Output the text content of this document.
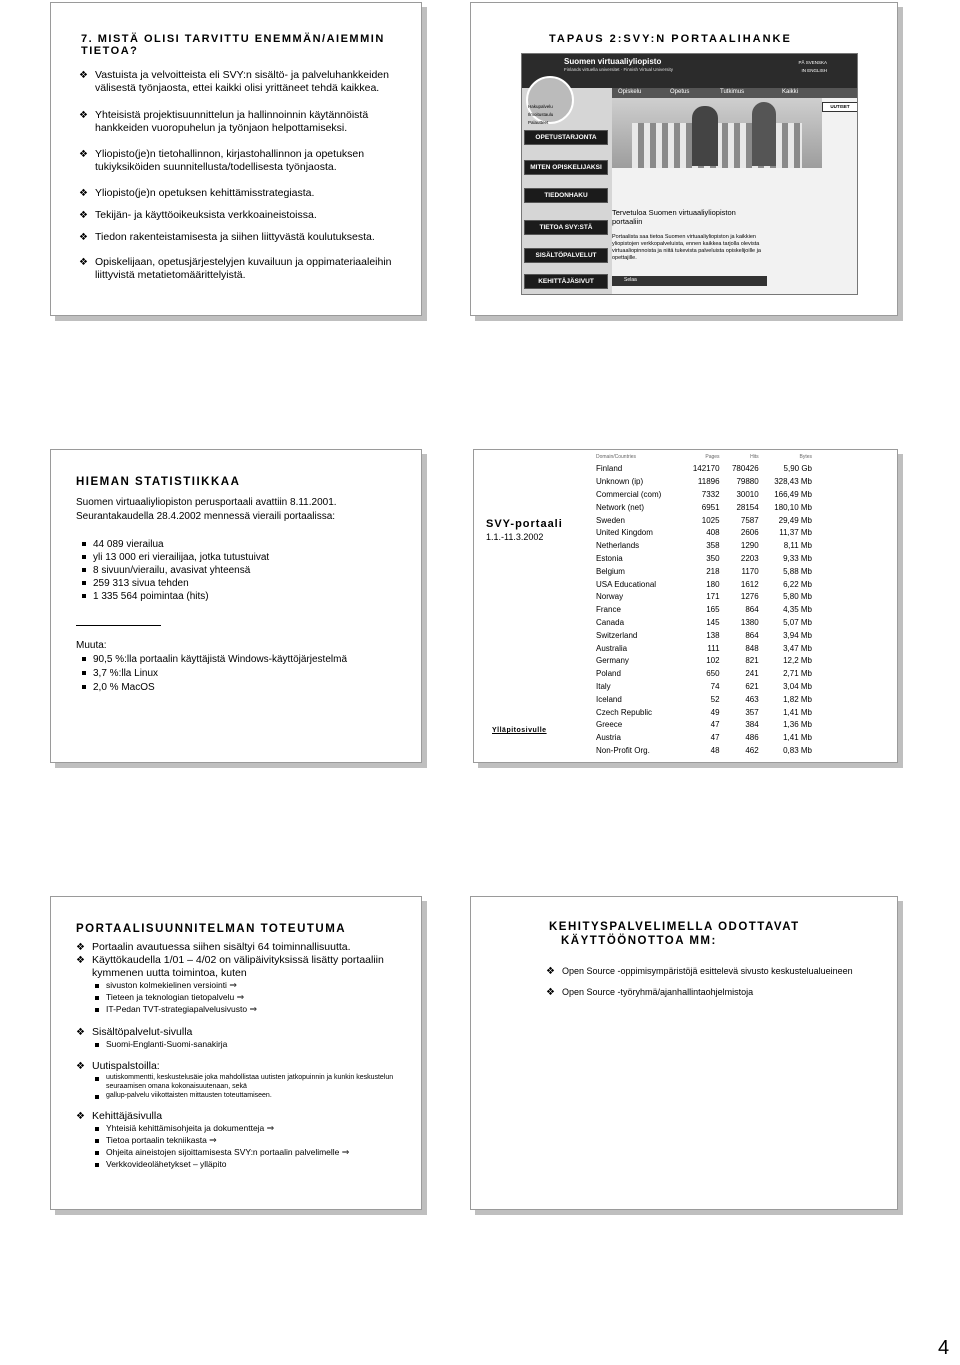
7. MISTÄ OLISI TARVITTU ENEMMÄN/AIEMMIN TIETOA?
❖ Vastuista ja velvoitteista eli SVY:n sisältö- ja palveluhankkeiden välisestä työnjaosta, ettei kaikki olisi yrittäneet tehdä kaikkea.
❖ Yhteisistä projektisuunnittelun ja hallinnoinnin käytännöistä hankkeiden vuoropuhelun ja työnjaon helpottamiseksi.
❖ Yliopisto(je)n tietohallinnon, kirjastohallinnon ja opetuksen tukiyksiköiden suunnitellusta/todellisesta työnjaosta.
❖ Yliopisto(je)n opetuksen kehittämisstrategiasta.
❖ Tekijän- ja käyttöoikeuksista verkkoaineistoissa.
❖ Tiedon rakenteistamisesta ja siihen liittyvästä koulutuksesta.
❖ Opiskelijaan, opetusjärjestelyjen kuvailuun ja oppimateriaaleihin liittyvistä metatietomäärittelyistä.
TAPAUS 2:SVY:N PORTAALIHANKE
Suomen virtuaaliyliopisto
Finlands virtuella universitet · Finnish Virtual University
PÅ SVENSKA
IN ENGLISH
Opiskelu	Opetus	Tutkimus	Kaikki
UUTISET
Hakupalvelu
Ilmoitustaulu
Palautteet
OPETUSTARJONTA
MITEN OPISKELIJAKSI
TIEDONHAKU
TIETOA SVY:STÄ
SISÄLTÖPALVELUT
KEHITTÄJÄSIVUT
Tervetuloa Suomen virtuaaliyliopiston portaaliin
Portaalista saa tietoa Suomen virtuaaliyliopiston ja kaikkien yliopistojen verkkopalveluista, ennen kaikkea tarjolla olevista virtuaaliopinnoista ja niitä tukevista palveluista opiskelijoille ja opettajille.
Selaa
HIEMAN STATISTIIKKAA
Suomen virtuaaliyliopiston perusportaali avattiin 8.11.2001.
Seurantakaudella 28.4.2002 mennessä vieraili portaalissa:
44 089 vierailua
yli 13 000 eri vierailijaa, jotka tutustuivat
8 sivuun/vierailu, avasivat yhteensä
259 313 sivua tehden
1 335 564 poimintaa (hits)
Muuta:
90,5 %:lla portaalin käyttäjistä Windows-käyttöjärjestelmä
3,7 %:lla Linux
2,0 % MacOS
SVY-portaali
1.1.-11.3.2002
Ylläpitosivulle
Domain/Countries	Pages	Hits	Bytes
Finland	142170	780426	5,90 Gb
Unknown (ip)	11896	79880	328,43 Mb
Commercial (com)	7332	30010	166,49 Mb
Network (net)	6951	28154	180,10 Mb
Sweden	1025	7587	29,49 Mb
United Kingdom	408	2606	11,37 Mb
Netherlands	358	1290	8,11 Mb
Estonia	350	2203	9,33 Mb
Belgium	218	1170	5,88 Mb
USA Educational	180	1612	6,22 Mb
Norway	171	1276	5,80 Mb
France	165	864	4,35 Mb
Canada	145	1380	5,07 Mb
Switzerland	138	864	3,94 Mb
Australia	111	848	3,47 Mb
Germany	102	821	12,2 Mb
Poland	650	241	2,71 Mb
Italy	74	621	3,04 Mb
Iceland	52	463	1,82 Mb
Czech Republic	49	357	1,41 Mb
Greece	47	384	1,36 Mb
Austria	47	486	1,41 Mb
Non-Profit Org.	48	462	0,83 Mb
PORTAALISUUNNITELMAN TOTEUTUMA
❖ Portaalin avautuessa siihen sisältyi 64 toiminnallisuutta.
❖ Käyttökaudella 1/01 – 4/02 on välipäivityksissä lisätty portaaliin kymmenen uutta toimintoa, kuten
sivuston kolmekielinen versiointi ⇒
Tieteen ja teknologian tietopalvelu ⇒
IT-Pedan TVT-strategiapalvelusivusto ⇒
❖ Sisältöpalvelut-sivulla
Suomi-Englanti-Suomi-sanakirja
❖ Uutispalstoilla:
uutiskommentti, keskustelusäie joka mahdollistaa uutisten jatkopuinnin ja kunkin keskustelun seuraamisen omana kokonaisuutenaan, sekä
gallup-palvelu viikottaisten mittausten toteuttamiseen.
❖ Kehittäjäsivulla
Yhteisiä kehittämisohjeita ja dokumentteja ⇒
Tietoa portaalin tekniikasta ⇒
Ohjeita aineistojen sijoittamisesta SVY:n portaalin palvelimelle ⇒
Verkkovideolähetykset – ylläpito
KEHITYSPALVELIMELLA ODOTTAVAT
KÄYTTÖÖNOTTOA MM:
❖ Open Source -oppimisympäristöjä esittelevä sivusto keskustelualueineen
❖ Open Source -työryhmä/ajanhallintaohjelmistoja
4
